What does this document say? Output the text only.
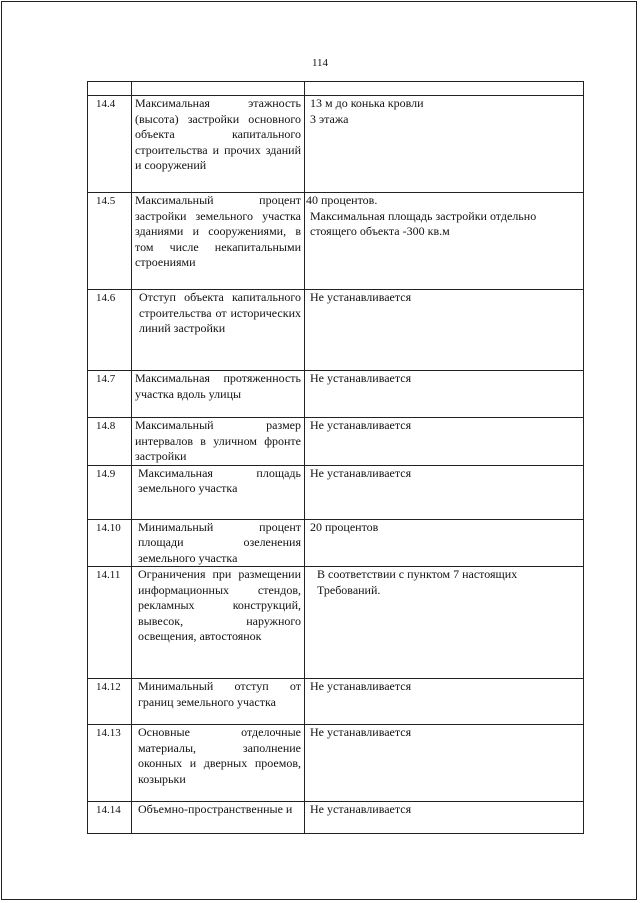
114

14.4	Максимальная этажность (высота) застройки основного объекта капитального строительства и прочих зданий и сооружений	13 м до конька кровли
3 этажа

14.5	Максимальный процент застройки земельного участка зданиями и сооружениями, в том числе некапитальными строениями	40 процентов.
Максимальная площадь застройки отдельно стоящего объекта -300 кв.м

14.6	Отступ объекта капитального строительства от исторических линий застройки	Не устанавливается

14.7	Максимальная протяженность участка вдоль улицы	Не устанавливается

14.8	Максимальный размер интервалов в уличном фронте застройки	Не устанавливается

14.9	Максимальная площадь земельного участка	Не устанавливается

14.10	Минимальный процент площади озеленения земельного участка	20 процентов

14.11	Ограничения при размещении информационных стендов, рекламных конструкций, вывесок, наружного освещения, автостоянок	В соответствии с пунктом 7 настоящих Требований.

14.12	Минимальный отступ от границ земельного участка	Не устанавливается

14.13	Основные отделочные материалы, заполнение оконных и дверных проемов, козырьки	Не устанавливается

14.14	Объемно-пространственные и	Не устанавливается
